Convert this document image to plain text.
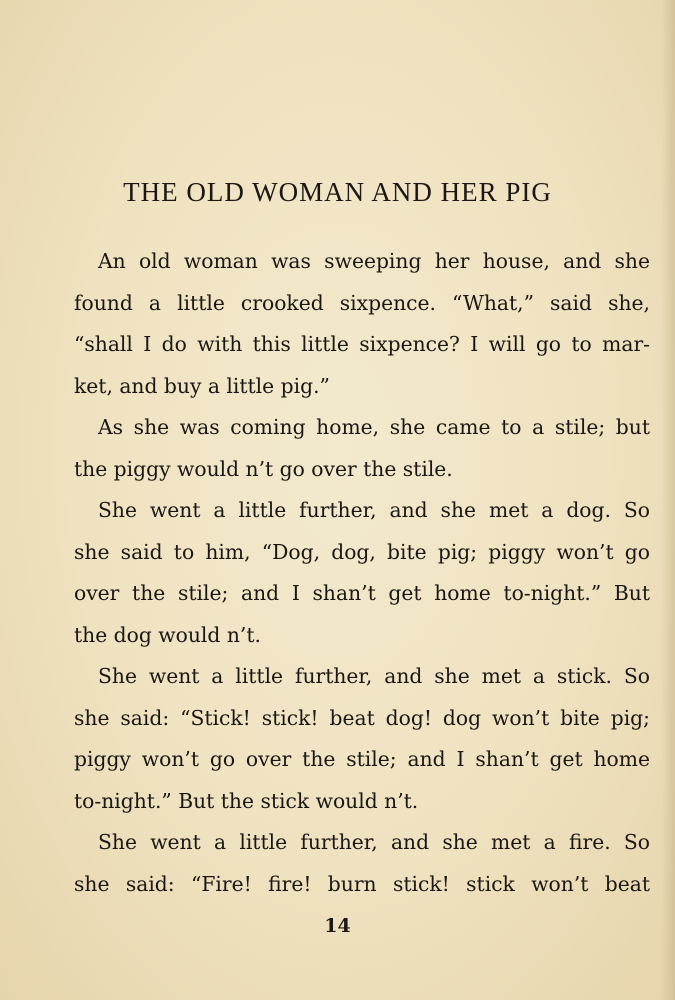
THE OLD WOMAN AND HER PIG

An old woman was sweeping her house, and she
found a little crooked sixpence. “What,” said she,
“shall I do with this little sixpence? I will go to mar-
ket, and buy a little pig.”

As she was coming home, she came to a stile; but
the piggy would n’t go over the stile.

She went a little further, and she met a dog. So
she said to him, “Dog, dog, bite pig; piggy won’t go
over the stile; and I shan’t get home to-night.” But
the dog would n’t.

She went a little further, and she met a stick. So
she said: “Stick! stick! beat dog! dog won’t bite pig;
piggy won’t go over the stile; and I shan’t get home
to-night.” But the stick would n’t.

She went a little further, and she met a fire. So
she said: “Fire! fire! burn stick! stick won’t beat

14
